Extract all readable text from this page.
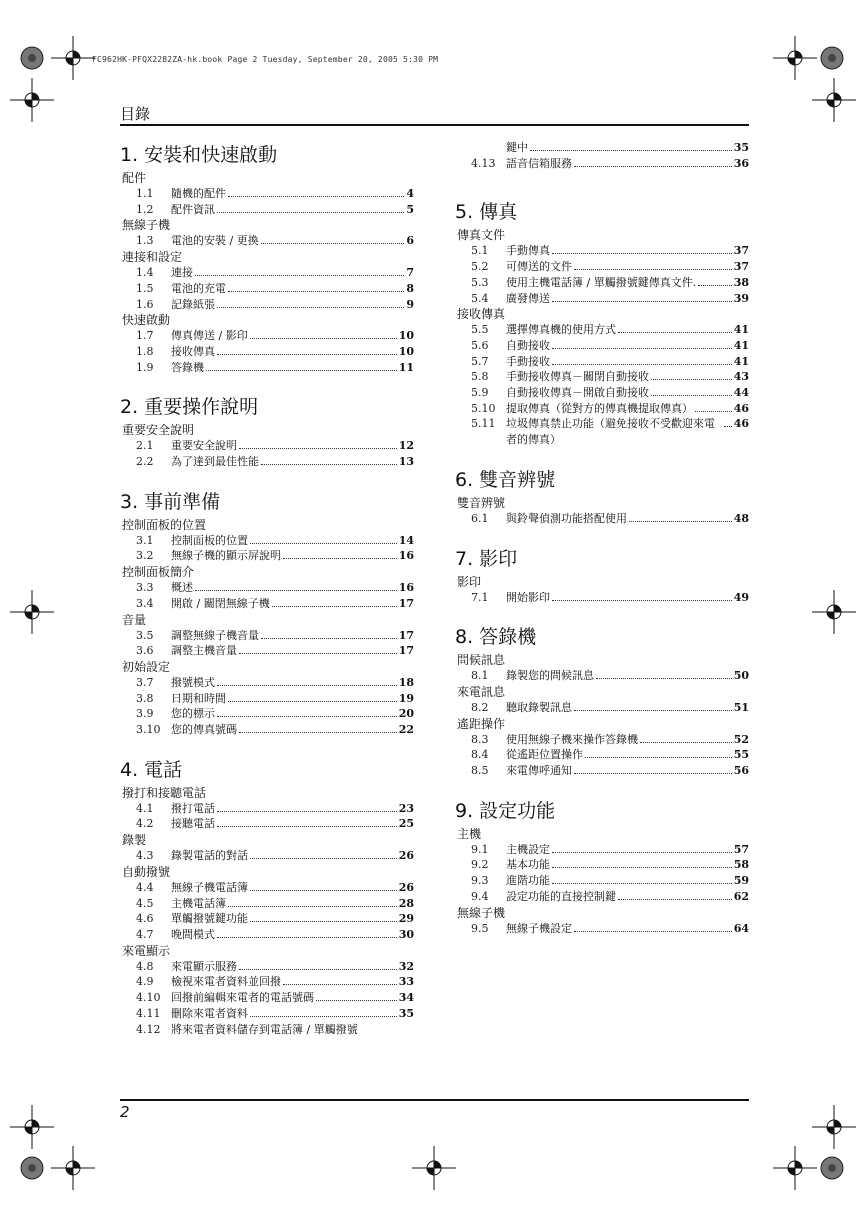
FC962HK-PFQX2282ZA-hk.book Page 2 Tuesday, September 20, 2005 5:30 PM
目錄
1. 安裝和快速啟動
配件
1.1	隨機的配件	4
1.2	配件資訊	5
無線子機
1.3	電池的安裝 / 更換	6
連接和設定
1.4	連接	7
1.5	電池的充電	8
1.6	記錄紙張	9
快速啟動
1.7	傳真傳送 / 影印	10
1.8	接收傳真	10
1.9	答錄機	11
2. 重要操作說明
重要安全說明
2.1	重要安全說明	12
2.2	為了達到最佳性能	13
3. 事前準備
控制面板的位置
3.1	控制面板的位置	14
3.2	無線子機的顯示屏說明	16
控制面板簡介
3.3	概述	16
3.4	開啟 / 關閉無線子機	17
音量
3.5	調整無線子機音量	17
3.6	調整主機音量	17
初始設定
3.7	撥號模式	18
3.8	日期和時間	19
3.9	您的標示	20
3.10 您的傳真號碼	22
4. 電話
撥打和接聽電話
4.1	撥打電話	23
4.2	接聽電話	25
錄製
4.3	錄製電話的對話	26
自動撥號
4.4	無線子機電話簿	26
4.5	主機電話簿	28
4.6	單觸撥號鍵功能	29
4.7	晚間模式	30
來電顯示
4.8	來電顯示服務	32
4.9	檢視來電者資料並回撥	33
4.10 回撥前編輯來電者的電話號碼	34
4.11 刪除來電者資料	35
4.12 將來電者資料儲存到電話簿 / 單觸撥號
鍵中	35
4.13 語音信箱服務	36
5. 傳真
傳真文件
5.1	手動傳真	37
5.2	可傳送的文件	37
5.3	使用主機電話簿 / 單觸撥號鍵傳真文件.	38
5.4	廣發傳送	39
接收傳真
5.5	選擇傳真機的使用方式	41
5.6	自動接收	41
5.7	手動接收	41
5.8	手動接收傳真－關閉自動接收	43
5.9	自動接收傳真－開啟自動接收	44
5.10 提取傳真（從對方的傳真機提取傳真）	46
5.11 垃圾傳真禁止功能（避免接收不受歡迎來電者的傳真）
46
6. 雙音辨號
雙音辨號
6.1	與鈴聲偵測功能搭配使用	48
7. 影印
影印
7.1	開始影印	49
8. 答錄機
問候訊息
8.1	錄製您的問候訊息	50
來電訊息
8.2	聽取錄製訊息	51
遙距操作
8.3	使用無線子機來操作答錄機	52
8.4	從遙距位置操作	55
8.5	來電傳呼通知	56
9. 設定功能
主機
9.1	主機設定	57
9.2	基本功能	58
9.3	進階功能	59
9.4	設定功能的直接控制鍵	62
無線子機
9.5	無線子機設定	64
2
